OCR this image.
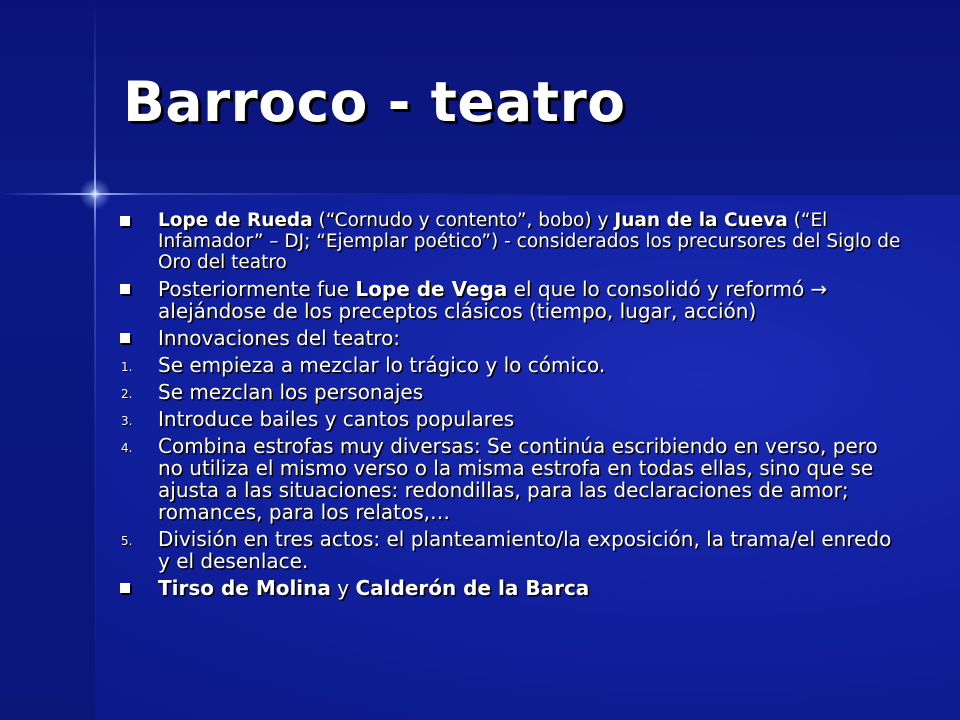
Barroco - teatro
Lope de Rueda (“Cornudo y contento”, bobo) y Juan de la Cueva (“El Infamador” – DJ; “Ejemplar poético”) - considerados los precursores del Siglo de Oro del teatro
Posteriormente fue Lope de Vega el que lo consolidó y reformó → alejándose de los preceptos clásicos (tiempo, lugar, acción)
Innovaciones del teatro:
1. Se empieza a mezclar lo trágico y lo cómico.
2. Se mezclan los personajes
3. Introduce bailes y cantos populares
4. Combina estrofas muy diversas: Se continúa escribiendo en verso, pero no utiliza el mismo verso o la misma estrofa en todas ellas, sino que se ajusta a las situaciones: redondillas, para las declaraciones de amor; romances, para los relatos,…
5. División en tres actos: el planteamiento/la exposición, la trama/el enredo y el desenlace.
Tirso de Molina y Calderón de la Barca
